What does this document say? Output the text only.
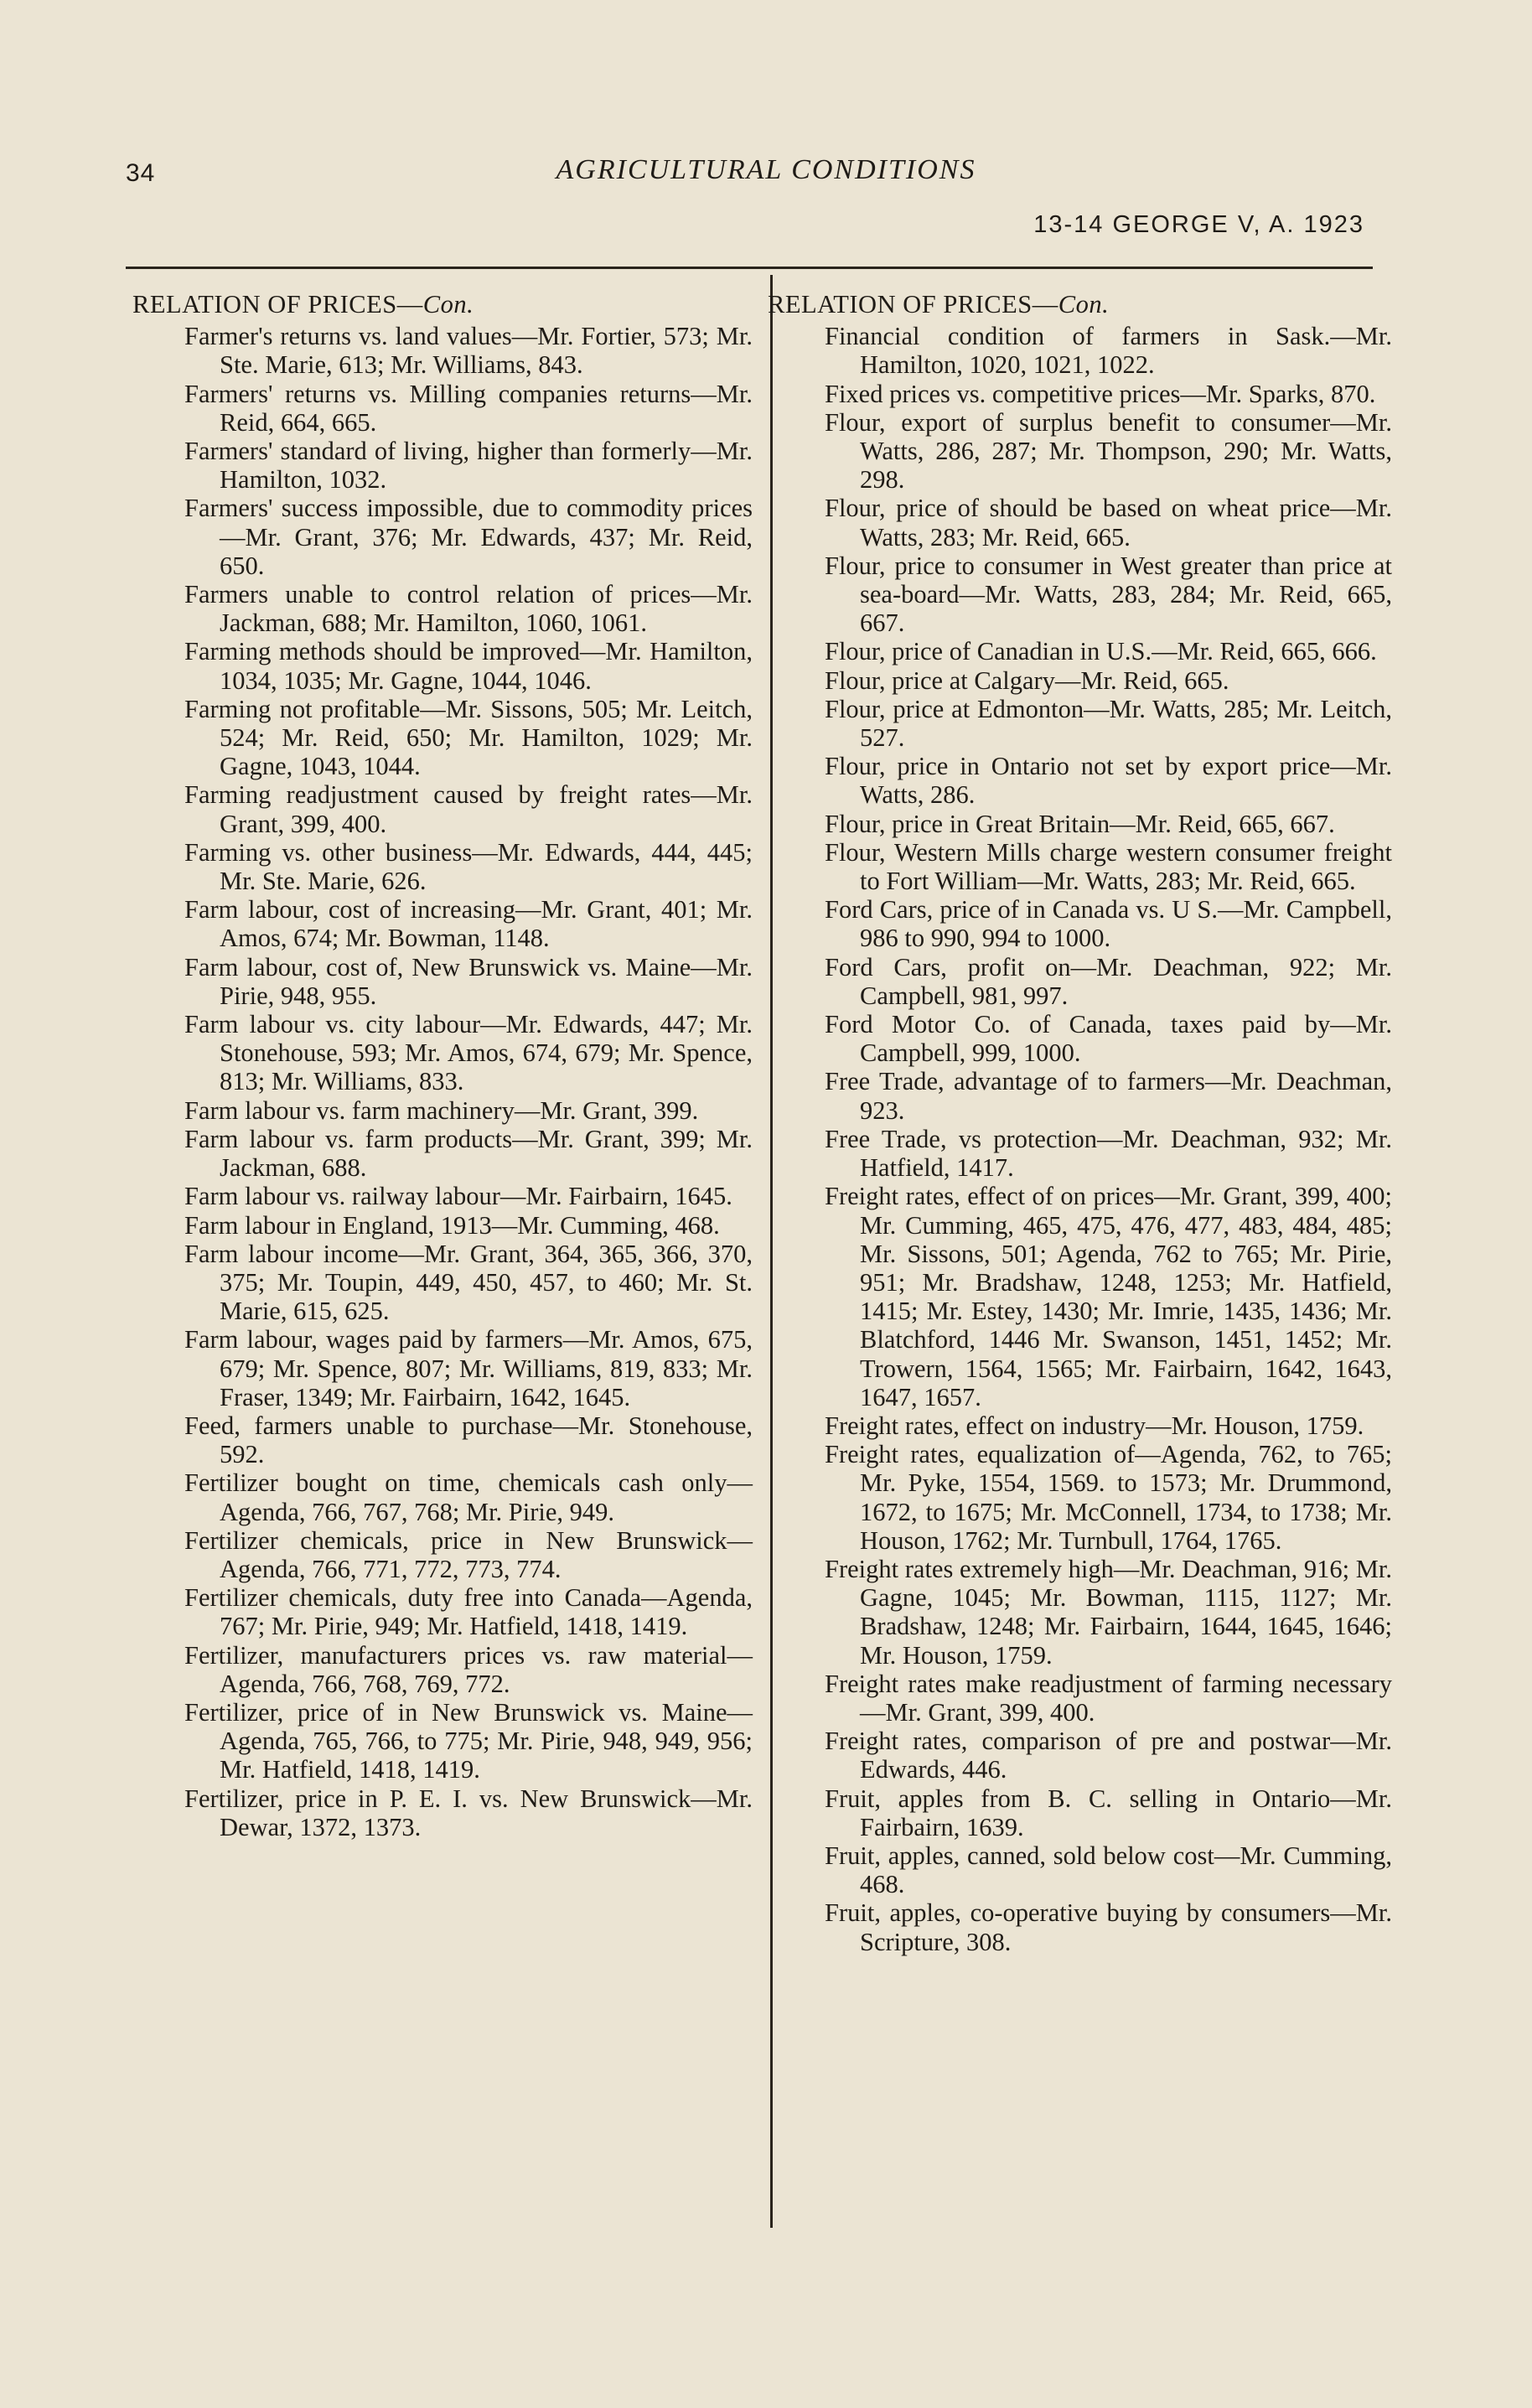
34	AGRICULTURAL CONDITIONS
13-14 GEORGE V, A. 1923
RELATION OF PRICES—Con.

Farmer's returns vs. land values—Mr. Fortier, 573; Mr. Ste. Marie, 613; Mr. Williams, 843.

Farmers' returns vs. Milling companies returns—Mr. Reid, 664, 665.

Farmers' standard of living, higher than formerly—Mr. Hamilton, 1032.

Farmers' success impossible, due to commodity prices—Mr. Grant, 376; Mr. Edwards, 437; Mr. Reid, 650.

Farmers unable to control relation of prices—Mr. Jackman, 688; Mr. Hamilton, 1060, 1061.

Farming methods should be improved—Mr. Hamilton, 1034, 1035; Mr. Gagne, 1044, 1046.

Farming not profitable—Mr. Sissons, 505; Mr. Leitch, 524; Mr. Reid, 650; Mr. Hamilton, 1029; Mr. Gagne, 1043, 1044.

Farming readjustment caused by freight rates—Mr. Grant, 399, 400.

Farming vs. other business—Mr. Edwards, 444, 445; Mr. Ste. Marie, 626.

Farm labour, cost of increasing—Mr. Grant, 401; Mr. Amos, 674; Mr. Bowman, 1148.

Farm labour, cost of, New Brunswick vs. Maine—Mr. Pirie, 948, 955.

Farm labour vs. city labour—Mr. Edwards, 447; Mr. Stonehouse, 593; Mr. Amos, 674, 679; Mr. Spence, 813; Mr. Williams, 833.

Farm labour vs. farm machinery—Mr. Grant, 399.

Farm labour vs. farm products—Mr. Grant, 399; Mr. Jackman, 688.

Farm labour vs. railway labour—Mr. Fairbairn, 1645.

Farm labour in England, 1913—Mr. Cumming, 468.

Farm labour income—Mr. Grant, 364, 365, 366, 370, 375; Mr. Toupin, 449, 450, 457, to 460; Mr. St. Marie, 615, 625.

Farm labour, wages paid by farmers—Mr. Amos, 675, 679; Mr. Spence, 807; Mr. Williams, 819, 833; Mr. Fraser, 1349; Mr. Fairbairn, 1642, 1645.

Feed, farmers unable to purchase—Mr. Stonehouse, 592.

Fertilizer bought on time, chemicals cash only—Agenda, 766, 767, 768; Mr. Pirie, 949.

Fertilizer chemicals, price in New Brunswick—Agenda, 766, 771, 772, 773, 774.

Fertilizer chemicals, duty free into Canada—Agenda, 767; Mr. Pirie, 949; Mr. Hatfield, 1418, 1419.

Fertilizer, manufacturers prices vs. raw material—Agenda, 766, 768, 769, 772.

Fertilizer, price of in New Brunswick vs. Maine—Agenda, 765, 766, to 775; Mr. Pirie, 948, 949, 956; Mr. Hatfield, 1418, 1419.

Fertilizer, price in P. E. I. vs. New Brunswick—Mr. Dewar, 1372, 1373.

RELATION OF PRICES—Con.

Financial condition of farmers in Sask.—Mr. Hamilton, 1020, 1021, 1022.

Fixed prices vs. competitive prices—Mr. Sparks, 870.

Flour, export of surplus benefit to consumer—Mr. Watts, 286, 287; Mr. Thompson, 290; Mr. Watts, 298.

Flour, price of should be based on wheat price—Mr. Watts, 283; Mr. Reid, 665.

Flour, price to consumer in West greater than price at sea-board—Mr. Watts, 283, 284; Mr. Reid, 665, 667.

Flour, price of Canadian in U.S.—Mr. Reid, 665, 666.

Flour, price at Calgary—Mr. Reid, 665.

Flour, price at Edmonton—Mr. Watts, 285; Mr. Leitch, 527.

Flour, price in Ontario not set by export price—Mr. Watts, 286.

Flour, price in Great Britain—Mr. Reid, 665, 667.

Flour, Western Mills charge western consumer freight to Fort William—Mr. Watts, 283; Mr. Reid, 665.

Ford Cars, price of in Canada vs. U S.—Mr. Campbell, 986 to 990, 994 to 1000.

Ford Cars, profit on—Mr. Deachman, 922; Mr. Campbell, 981, 997.

Ford Motor Co. of Canada, taxes paid by—Mr. Campbell, 999, 1000.

Free Trade, advantage of to farmers—Mr. Deachman, 923.

Free Trade, vs protection—Mr. Deachman, 932; Mr. Hatfield, 1417.

Freight rates, effect of on prices—Mr. Grant, 399, 400; Mr. Cumming, 465, 475, 476, 477, 483, 484, 485; Mr. Sissons, 501; Agenda, 762 to 765; Mr. Pirie, 951; Mr. Bradshaw, 1248, 1253; Mr. Hatfield, 1415; Mr. Estey, 1430; Mr. Imrie, 1435, 1436; Mr. Blatchford, 1446 Mr. Swanson, 1451, 1452; Mr. Trowern, 1564, 1565; Mr. Fairbairn, 1642, 1643, 1647, 1657.

Freight rates, effect on industry—Mr. Houson, 1759.

Freight rates, equalization of—Agenda, 762, to 765; Mr. Pyke, 1554, 1569. to 1573; Mr. Drummond, 1672, to 1675; Mr. McConnell, 1734, to 1738; Mr. Houson, 1762; Mr. Turnbull, 1764, 1765.

Freight rates extremely high—Mr. Deachman, 916; Mr. Gagne, 1045; Mr. Bowman, 1115, 1127; Mr. Bradshaw, 1248; Mr. Fairbairn, 1644, 1645, 1646; Mr. Houson, 1759.

Freight rates make readjustment of farming necessary—Mr. Grant, 399, 400.

Freight rates, comparison of pre and postwar—Mr. Edwards, 446.

Fruit, apples from B. C. selling in Ontario—Mr. Fairbairn, 1639.

Fruit, apples, canned, sold below cost—Mr. Cumming, 468.

Fruit, apples, co-operative buying by consumers—Mr. Scripture, 308.
